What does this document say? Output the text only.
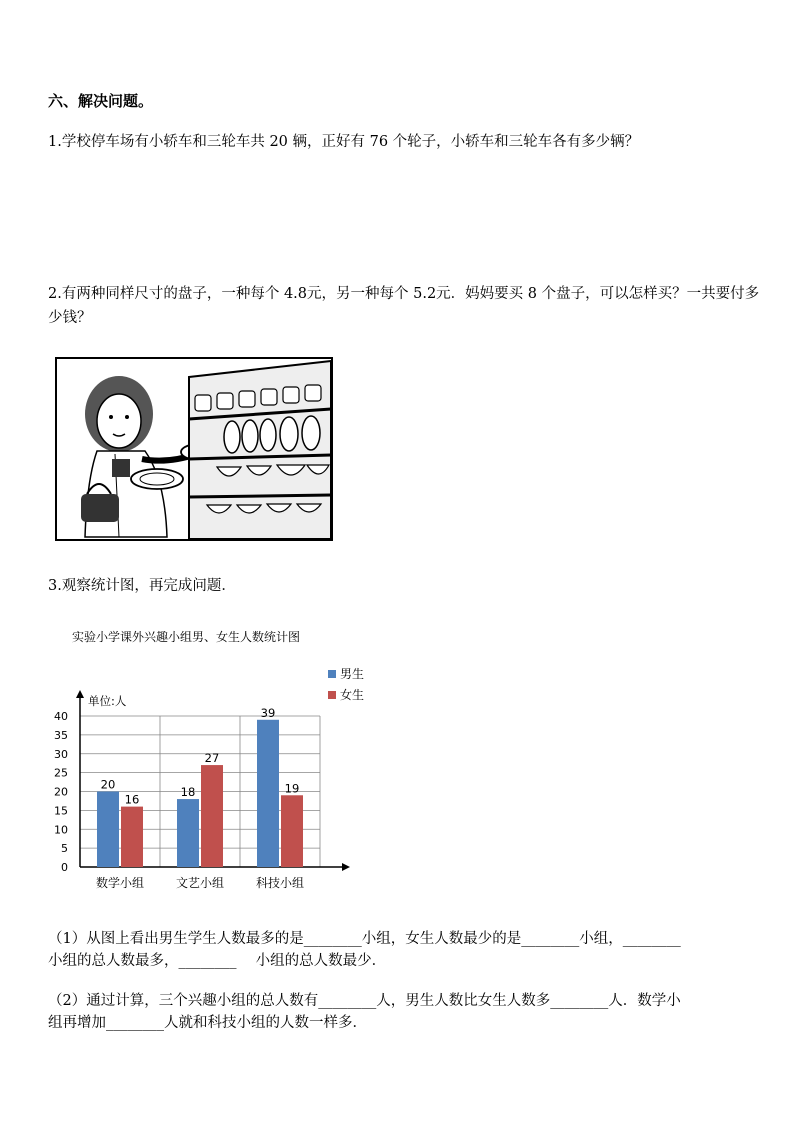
六、解决问题。
1.学校停车场有小轿车和三轮车共 20 辆，正好有 76 个轮子，小轿车和三轮车各有多少辆？
2.有两种同样尺寸的盘子，一种每个 4.8元，另一种每个 5.2元．妈妈要买 8 个盘子，可以怎样买？一共要付多少钱？
3.观察统计图，再完成问题．
实验小学课外兴趣小组男、女生人数统计图
单位:人
男生
女生
0
5
10
15
20
25
30
35
40
20
16
数学小组
18
27
文艺小组
39
19
科技小组
（1）从图上看出男生学生人数最多的是________小组，女生人数最少的是________小组，________
小组的总人数最多，________　 小组的总人数最少．
（2）通过计算，三个兴趣小组的总人数有________人，男生人数比女生人数多________人．数学小
组再增加________人就和科技小组的人数一样多．
